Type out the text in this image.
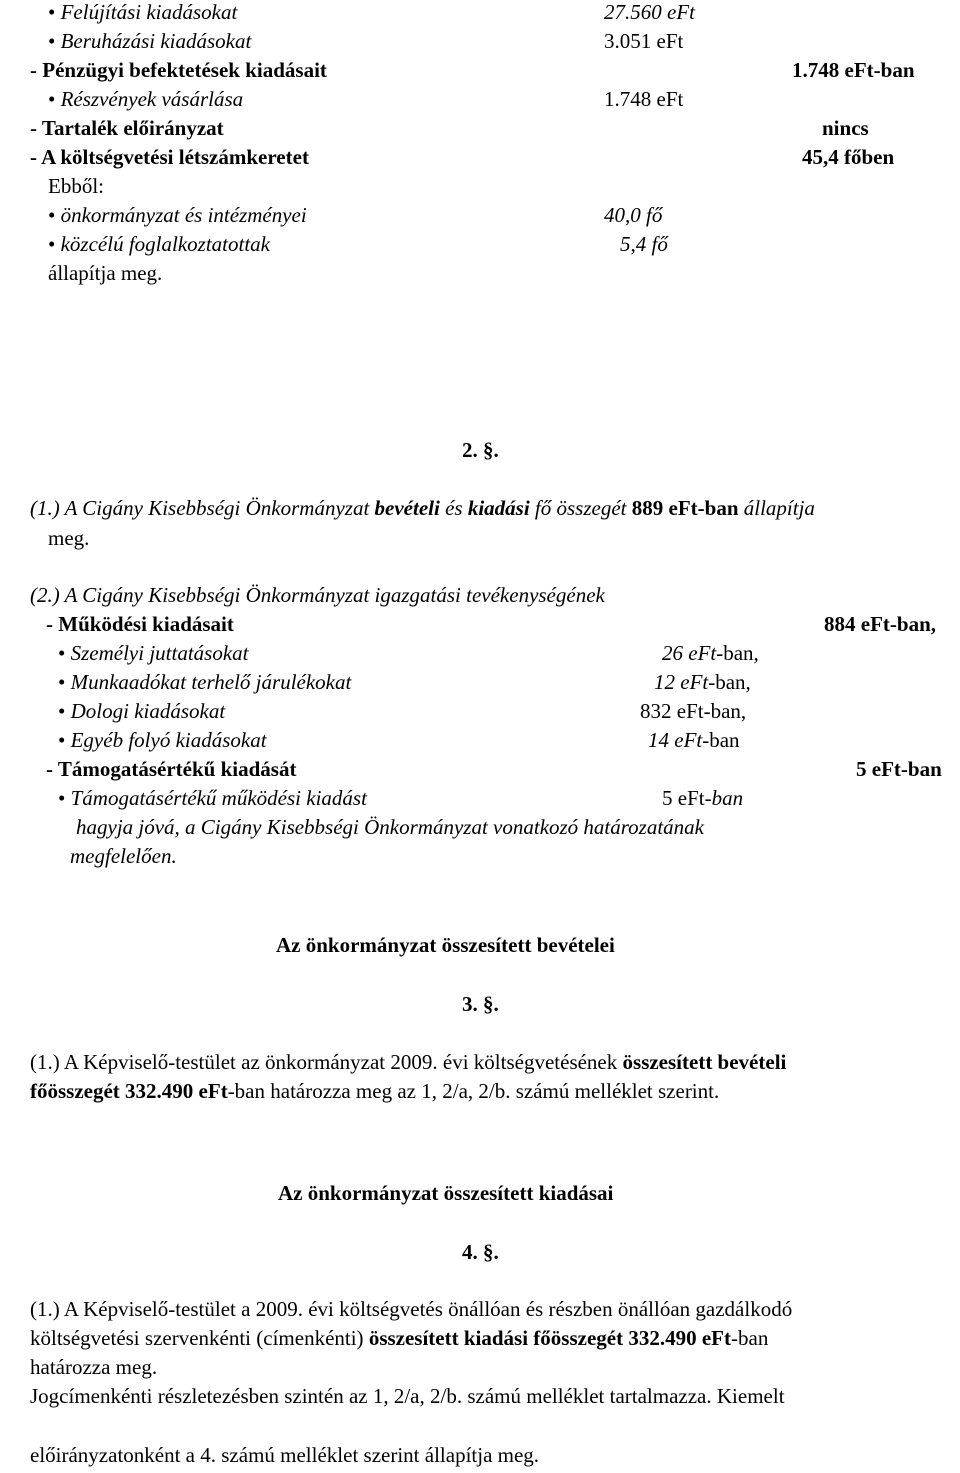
• Felújítási kiadásokat	27.560 eFt
• Beruházási kiadásokat	3.051 eFt
- Pénzügyi befektetések kiadásait	1.748 eFt-ban
• Részvények vásárlása	1.748 eFt
- Tartalék előirányzat	nincs
- A költségvetési létszámkeretet	45,4 főben
Ebből:
• önkormányzat és intézményei	40,0 fő
• közcélú foglalkoztatottak	5,4 fő
állapítja meg.
2. §.
(1.) A Cigány Kisebbségi Önkormányzat bevételi és kiadási fő összegét 889 eFt-ban állapítja
meg.
(2.) A Cigány Kisebbségi Önkormányzat igazgatási tevékenységének
- Működési kiadásait	884 eFt-ban,
• Személyi juttatásokat	26 eFt-ban,
• Munkaadókat terhelő járulékokat	12 eFt-ban,
• Dologi kiadásokat	832 eFt-ban,
• Egyéb folyó kiadásokat	14 eFt-ban
- Támogatásértékű kiadását	5 eFt-ban
• Támogatásértékű működési kiadást	5 eFt-ban
hagyja jóvá, a Cigány Kisebbségi Önkormányzat vonatkozó határozatának
megfelelően.
Az önkormányzat összesített bevételei
3. §.
(1.) A Képviselő-testület az önkormányzat 2009. évi költségvetésének összesített bevételi
főösszegét 332.490 eFt-ban határozza meg az 1, 2/a, 2/b. számú melléklet szerint.
Az önkormányzat összesített kiadásai
4. §.
(1.) A Képviselő-testület a 2009. évi költségvetés önállóan és részben önállóan gazdálkodó
költségvetési szervenkénti (címenkénti) összesített kiadási főösszegét 332.490 eFt-ban
határozza meg.
Jogcímenkénti részletezésben szintén az 1, 2/a, 2/b. számú melléklet tartalmazza. Kiemelt
előirányzatonként a 4. számú melléklet szerint állapítja meg.
